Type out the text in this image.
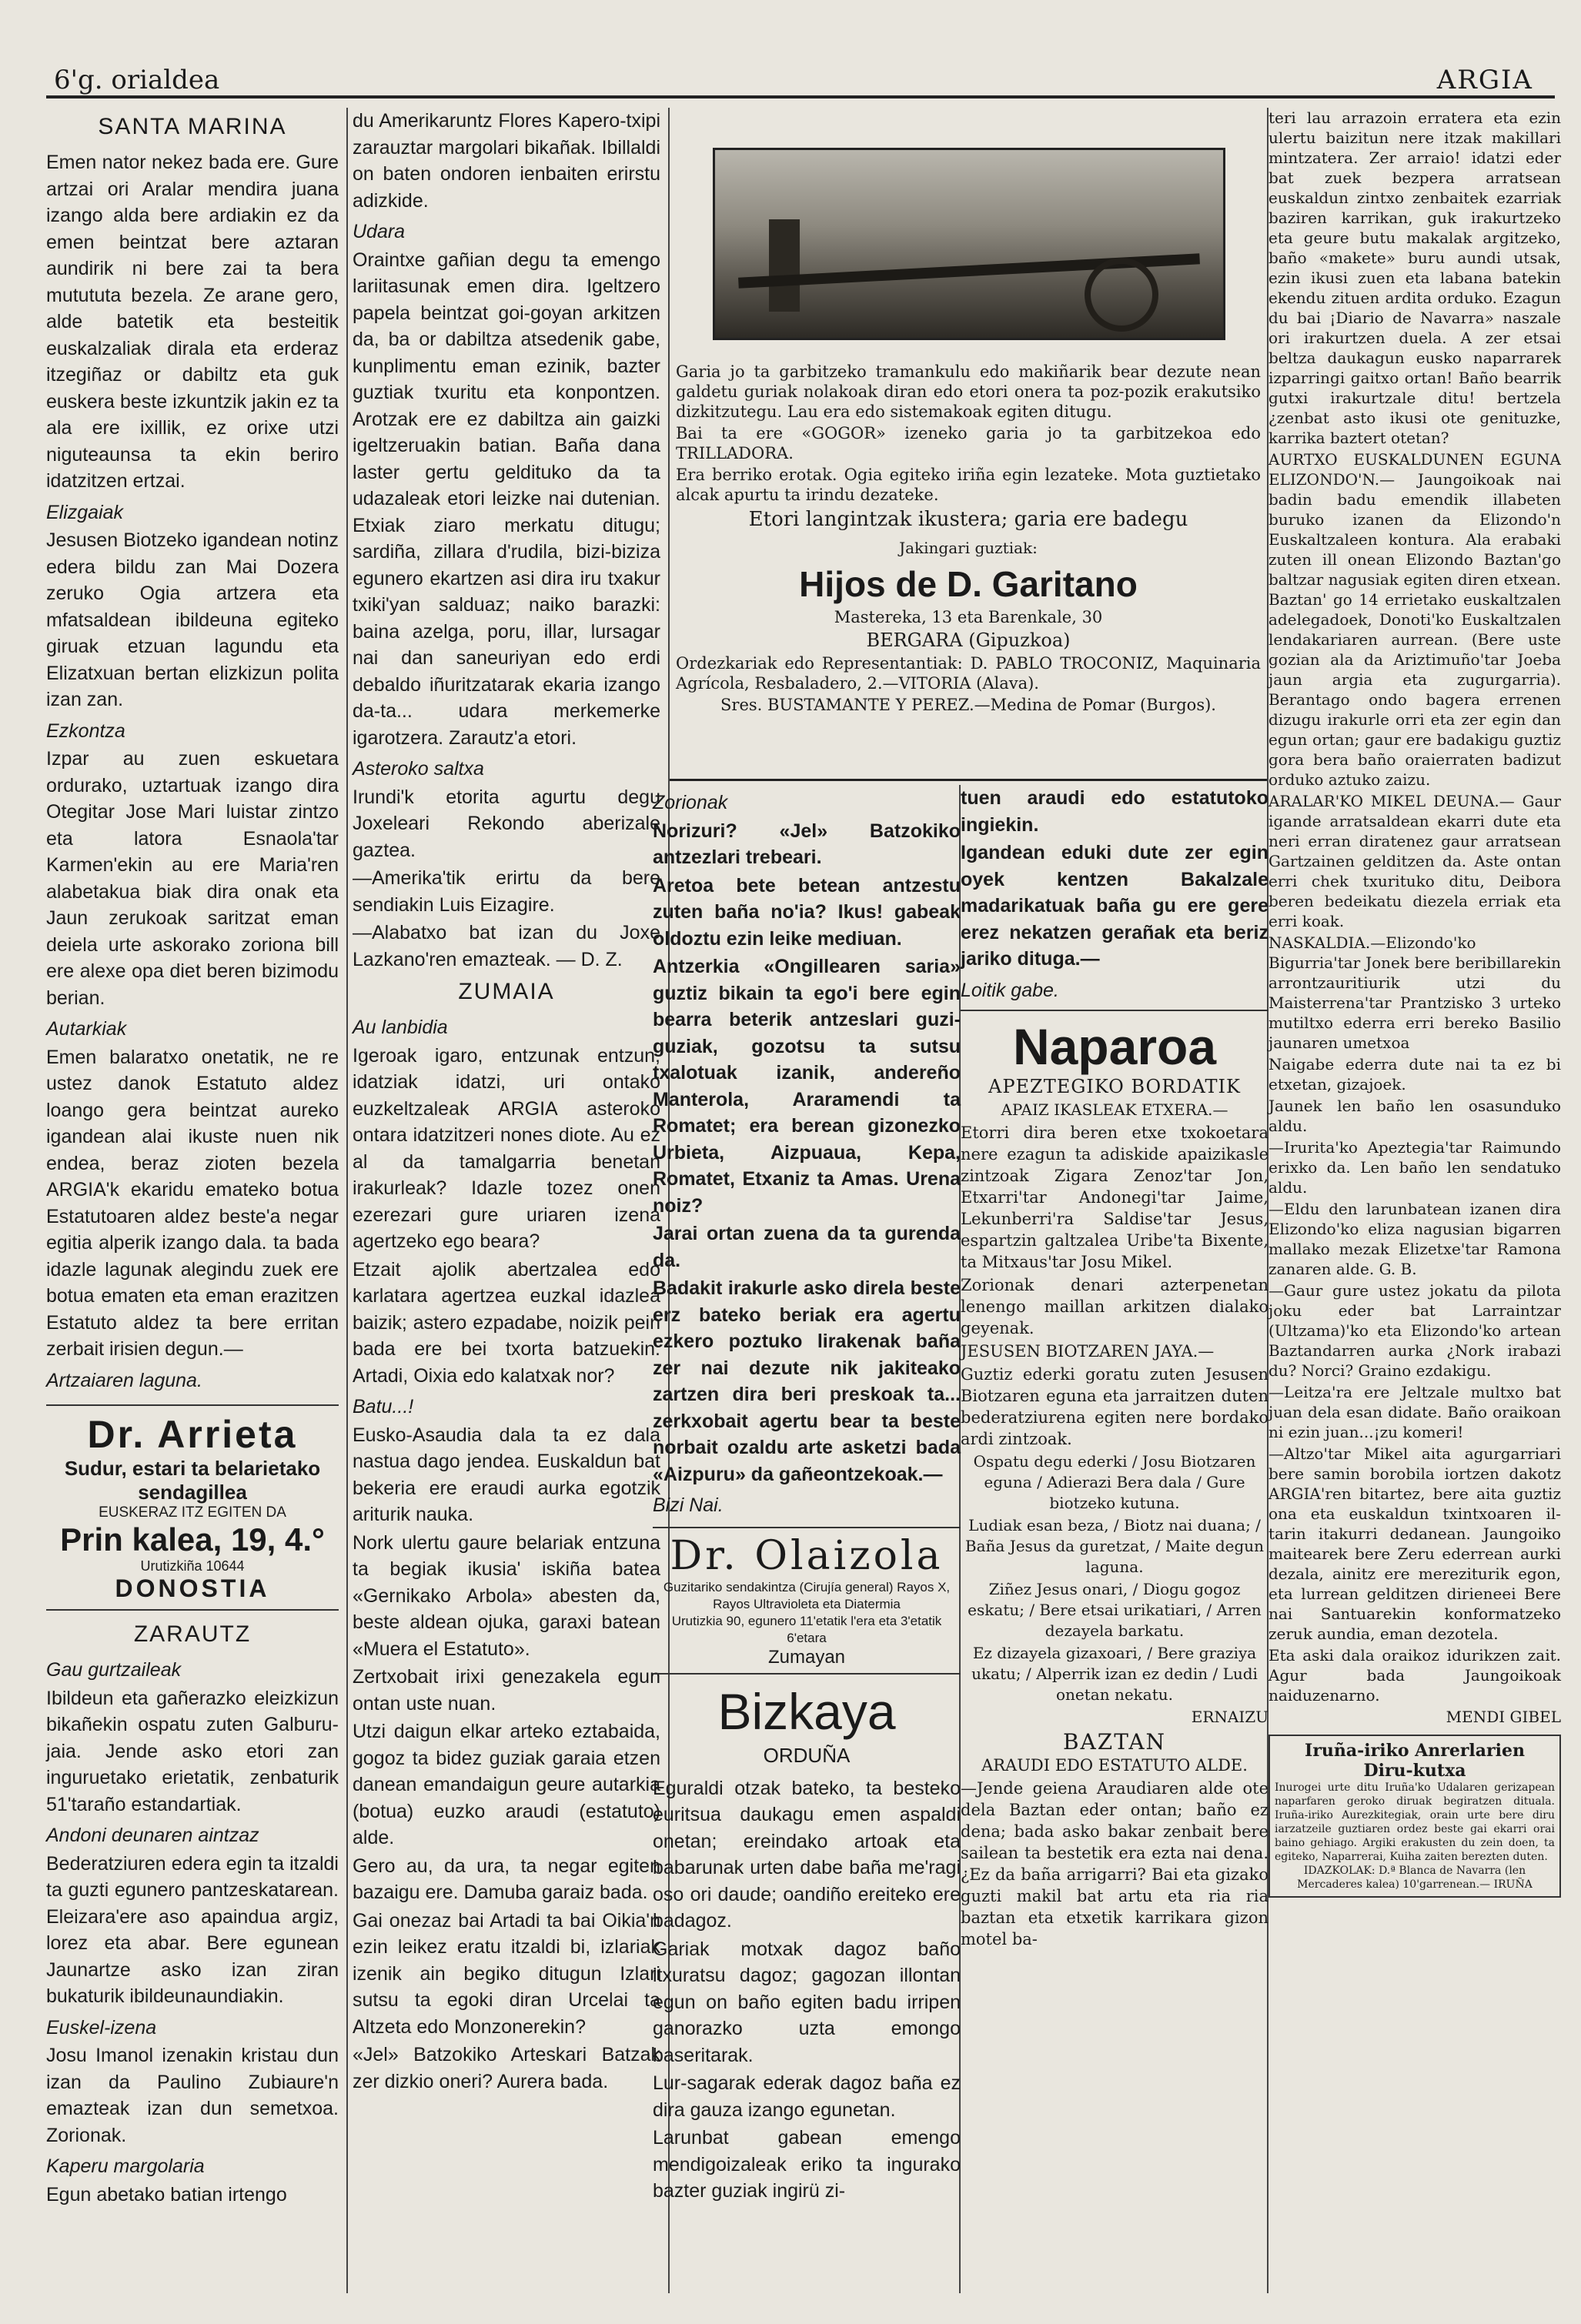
6'g. orialdea	ARGIA
SANTA MARINA

Emen nator nekez bada ere. Gure artzai ori Aralar mendira juana izango alda bere ardiakin ez da emen beintzat bere aztaran aundirik ni bere zai ta bera mutututa bezela. Ze arane gero, alde batetik eta besteitik euskalzaliak dirala eta erderaz itzegiñaz or dabiltz eta guk euskera beste izkuntzik jakin ez ta ala ere ixillik, ez orixe utzi niguteaunsa ta ekin beriro idatzitzen ertzai.

Elizgaiak

Jesusen Biotzeko igandean notinz edera bildu zan Mai Dozera zeruko Ogia artzera eta mfatsaldean ibildeuna egiteko giruak etzuan lagundu eta Elizatxuan bertan elizkizun polita izan zan.

Ezkontza

Izpar au zuen eskuetara ordurako, uztartuak izango dira Otegitar Jose Mari luistar zintzo eta latora Esnaola'tar Karmen'ekin au ere Maria'ren alabetakua biak dira onak eta Jaun zerukoak saritzat eman deiela urte askorako zoriona bill ere alexe opa diet beren bizimodu berian.

Autarkiak

Emen balaratxo onetatik, ne re ustez danok Estatuto aldez loango gera beintzat aureko igandean alai ikuste nuen nik endea, beraz zioten bezela ARGIA'k ekaridu emateko botua Estatutoaren aldez beste'a negar egitia alperik izango dala. ta bada idazle lagunak alegindu zuek ere botua ematen eta eman erazitzen Estatuto aldez ta bere erritan zerbait irisien degun.—

Artzaiaren laguna.

Dr. Arrieta
Sudur, estari ta belarietako
sendagillea
EUSKERAZ ITZ EGITEN DA
Prin kalea, 19, 4.°
Urutizkiña 10644
DONOSTIA
ZARAUTZ

Gau gurtzaileak

Ibildeun eta gañerazko eleizkizun bikañekin ospatu zuten Galburu-jaia. Jende asko etori zan inguruetako erietatik, zenbaturik 51'taraño estandartiak.

Andoni deunaren aintzaz

Bederatziuren edera egin ta itzaldi ta guzti egunero pantzeskatarean. Eleizara'ere aso apaindua argiz, lorez eta abar. Bere egunean Jaunartze asko izan ziran bukaturik ibildeunaundiakin.

Euskel-izena

Josu Imanol izenakin kristau dun izan da Paulino Zubiaure'n emazteak izan dun semetxoa. Zorionak.

Kaperu margolaria

Egun abetako batian irtengo

du Amerikaruntz Flores Kapero-txipi zarauztar margolari bikañak. Ibillaldi on baten ondoren ienbaiten erirstu adizkide.

Udara

Oraintxe gañian degu ta emengo lariitasunak emen dira. Igeltzero papela beintzat goi-goyan arkitzen da, ba or dabiltza atsedenik gabe, kunplimentu eman ezinik, bazter guztiak txuritu eta konpontzen. Arotzak ere ez dabiltza ain gaizki igeltzeruakin batian. Baña dana laster gertu geldituko da ta udazaleak etori leizke nai dutenian. Etxiak ziaro merkatu ditugu; sardiña, zillara d'rudila, bizi-biziza egunero ekartzen asi dira iru txakur txiki'yan salduaz; naiko barazki: baina azelga, poru, illar, lursagar nai dan saneuriyan edo erdi debaldo iñuritzatarak ekaria izango da-ta... udara merkemerke igarotzera. Zarautz'a etori.

Asteroko saltxa

Irundi'k etorita agurtu degu Joxeleari Rekondo aberizale gaztea.

—Amerika'tik erirtu da bere sendiakin Luis Eizagire.

—Alabatxo bat izan du Joxe Lazkano'ren emazteak. — D. Z.

ZUMAIA

Au lanbidia

Igeroak igaro, entzunak entzun, idatziak idatzi, uri ontako euzkeltzaleak ARGIA asteroko ontara idatzitzeri nones diote. Au ez al da tamalgarria benetan irakurleak? Idazle tozez onen ezerezari gure uriaren izena agertzeko ego beara?

Etzait ajolik abertzalea edo karlatara agertzea euzkal idazlea baizik; astero ezpadabe, noizik pein bada ere bei txorta batzuekin. Artadi, Oixia edo kalatxak nor?

Batu...!

Eusko-Asaudia dala ta ez dala nastua dago jendea. Euskaldun bat bekeria ere eraudi aurka egotzik ariturik nauka.

Nork ulertu gaure belariak entzuna ta begiak ikusia' iskiña batea «Gernikako Arbola» abesten da, beste aldean ojuka, garaxi batean «Muera el Estatuto».

Zertxobait irixi genezakela egun ontan uste nuan.

Utzi daigun elkar arteko eztabaida, gogoz ta bidez guziak garaia etzen danean emandaigun geure autarkia (botua) euzko araudi (estatuto) alde.

Gero au, da ura, ta negar egiten bazaigu ere. Damuba garaiz bada.

Gai onezaz bai Artadi ta bai Oikia'n ezin leikez eratu itzaldi bi, izlariak izenik ain begiko ditugun Izlari sutsu ta egoki diran Urcelai ta Altzeta edo Monzonerekin?

«Jel» Batzokiko Arteskari Batzak zer dizkio oneri? Aurera bada.

Garia jo ta garbitzeko tramankulu edo makiñarik bear dezute nean galdetu guriak nolakoak diran edo etori onera ta poz-pozik erakutsiko dizkitzutegu. Lau era edo sistemakoak egiten ditugu.

Bai ta ere «GOGOR» izeneko garia jo ta garbitzekoa edo TRILLADORA.

Era berriko erotak. Ogia egiteko iriña egin lezateke. Mota guztietako alcak apurtu ta irindu dezateke.

Etori langintzak ikustera; garia ere badegu

Jakingari guztiak:

Hijos de D. Garitano

Mastereka, 13 eta Barenkale, 30

BERGARA (Gipuzkoa)

Ordezkariak edo Representantiak: D. PABLO TROCONIZ, Maquinaria Agrícola, Resbaladero, 2.—VITORIA (Alava).

Sres. BUSTAMANTE Y PEREZ.—Medina de Pomar (Burgos).

Zorionak

Norizuri? «Jel» Batzokiko antzezlari trebeari.

Aretoa bete betean antzestu zuten baña no'ia? Ikus! gabeak oldoztu ezin leike mediuan.

Antzerkia «Ongillearen saria» guztiz bikain ta ego'i bere egin bearra beterik antzeslari guzi-guziak, gozotsu ta sutsu txalotuak izanik, andereño Manterola, Araramendi ta Romatet; era berean gizonezko Urbieta, Aizpuaua, Kepa, Romatet, Etxaniz ta Amas. Urena noiz?

Jarai ortan zuena da ta gurenda da.

Badakit irakurle asko direla beste erz bateko beriak era agertu ezkero poztuko lirakenak baña zer nai dezute nik jakiteako zartzen dira beri preskoak ta... zerkxobait agertu bear ta beste norbait ozaldu arte asketzi bada «Aizpuru» da gañeontzekoak.—

Bizi Nai.

Dr. Olaizola
Guzitariko sendakintza (Cirujía general) Rayos X, Rayos Ultravioleta eta Diatermia
Urutizkia 90, egunero 11'etatik l'era eta 3'etatik 6'etara
Zumayan
Bizkaya
ORDUÑA

Eguraldi otzak bateko, ta besteko euritsua daukagu emen aspaldi onetan; ereindako artoak eta babarunak urten dabe baña me'ragi oso ori daude; oandiño ereiteko ere badagoz.

Gariak motxak dagoz baño itxuratsu dagoz; gagozan illontan egun on baño egiten badu irripen ganorazko uzta emongo baseritarak.

Lur-sagarak ederak dagoz baña ez dira gauza izango egunetan.

Larunbat gabean emengo mendigoizaleak eriko ta ingurako bazter guziak ingirü zi-

tuen araudi edo estatutoko ingiekin.

Igandean eduki dute zer egin oyek kentzen Bakalzale madarikatuak baña gu ere gere erez nekatzen gerañak eta beriz jariko dituga.—

Loitik gabe.

Naparoa
APEZTEGIKO BORDATIK
APAIZ IKASLEAK ETXERA.—

Etorri dira beren etxe txokoetara nere ezagun ta adiskide apaizikasle zintzoak Zigara Zenoz'tar Jon, Etxarri'tar Andonegi'tar Jaime, Lekunberri'ra Saldise'tar Jesus, espartzin galtzalea Uribe'ta Bixente, ta Mitxaus'tar Josu Mikel.

Zorionak denari azterpenetan lenengo maillan arkitzen dialako geyenak.

JESUSEN BIOTZAREN JAYA.—

Guztiz ederki goratu zuten Jesusen Biotzaren eguna eta jarraitzen duten bederatziurena egiten nere bordako ardi zintzoak.

Ospatu degu ederki / Josu Biotzaren eguna / Adierazi Bera dala / Gure biotzeko kutuna.

Ludiak esan beza, / Biotz nai duana; / Baña Jesus da guretzat, / Maite degun laguna.

Ziñez Jesus onari, / Diogu gogoz eskatu; / Bere etsai urikatiari, / Arren dezayela barkatu.

Ez dizayela gizaxoari, / Bere graziya ukatu; / Alperrik izan ez dedin / Ludi onetan nekatu.

ERNAIZU

BAZTAN

ARAUDI EDO ESTATUTO ALDE.

—Jende geiena Araudiaren alde ote dela Baztan eder ontan; baño ez dena; bada asko bakar zenbait bere sailean ta bestetik era ezta nai dena. ¿Ez da baña arrigarri? Bai eta gizako guzti makil bat artu eta ria ria baztan eta etxetik karrikara gizon motel ba-

teri lau arrazoin erratera eta ezin ulertu baizitun nere itzak makillari mintzatera. Zer arraio! idatzi eder bat zuek bezpera arratsean euskaldun zintxo zenbaitek ezarriak baziren karrikan, guk irakurtzeko eta geure butu makalak argitzeko, baño «makete» buru aundi utsak, ezin ikusi zuen eta labana batekin ekendu zituen ardita orduko. Ezagun du bai ¡Diario de Navarra» naszale ori irakurtzen duela. A zer etsai beltza daukagun eusko naparrarek izparringi gaitxo ortan! Baño bearrik gutxi irakurtzale ditu! bertzela ¿zenbat asto ikusi ote genituzke, karrika baztert otetan?

AURTXO EUSKALDUNEN EGUNA ELIZONDO'N.— Jaungoikoak nai badin badu emendik illabeten buruko izanen da Elizondo'n Euskaltzaleen kontura. Ala erabaki zuten ill onean Elizondo Baztan'go baltzar nagusiak egiten diren etxean. Baztan' go 14 errietako euskaltzalen adelegadoek, Donoti'ko Euskaltzalen lendakariaren aurrean. (Bere uste gozian ala da Ariztimuño'tar Joeba jaun argia eta zugurgarria). Berantago ondo bagera errenen dizugu irakurle orri eta zer egin dan egun ortan; gaur ere badakigu guztiz gora bera baño oraierraten badizut orduko aztuko zaizu.

ARALAR'KO MIKEL DEUNA.— Gaur igande arratsaldean ekarri dute eta neri erran diratenez gaur arratsean Gartzainen gelditzen da. Aste ontan erri chek txurituko ditu, Deibora beren bedeikatu diezela erriak eta erri koak.

NASKALDIA.—Elizondo'ko Bigurria'tar Jonek bere beribillarekin arrontzauritiurik utzi du Maisterrena'tar Prantzisko 3 urteko mutiltxo ederra erri bereko Basilio jaunaren umetxoa

Naigabe ederra dute nai ta ez bi etxetan, gizajoek.

Jaunek len baño len osasunduko aldu.

—Irurita'ko Apeztegia'tar Raimundo erixko da. Len baño len sendatuko aldu.

—Eldu den larunbatean izanen dira Elizondo'ko eliza nagusian bigarren mallako mezak Elizetxe'tar Ramona zanaren alde. G. B.

—Gaur gure ustez jokatu da pilota joku eder bat Larraintzar (Ultzama)'ko eta Elizondo'ko artean Baztandarren aurka ¿Nork irabazi du? Norci? Graino ezdakigu.

—Leitza'ra ere Jeltzale multxo bat juan dela esan didate. Baño oraikoan ni ezin juan...¡zu komeri!

—Altzo'tar Mikel aita agurgarriari bere samin borobila iortzen dakotz ARGIA'ren bitartez, bere aita guztiz ona eta euskaldun txintxoaren il-tarin itakurri dedanean. Jaungoiko maitearek bere Zeru ederrean aurki dezala, ainitz ere mereziturik egon, eta lurrean gelditzen dirieneei Bere nai Santuarekin konformatzeko zeruk aundia, eman dezotela.

Eta aski dala oraikoz idurikzen zait. Agur bada Jaungoikoak naiduzenarno.

MENDI GIBEL

Iruña-iriko Anrerlarien
Diru-kutxa
Inurogei urte ditu Iruña'ko Udalaren gerizapean naparfaren geroko diruak begiratzen dituala. Iruña-iriko Aurezkitegiak, orain urte bere diru iarzatzeile guztiaren ordez beste gai ekarri orai baino gehiago. Argiki erakusten du zein doen, ta egiteko, Naparrerai, Kuiha zaiten berezten duten.
IDAZKOLAK: D.ª Blanca de Navarra (len Mercaderes kalea) 10'garrenean.— IRUÑA
